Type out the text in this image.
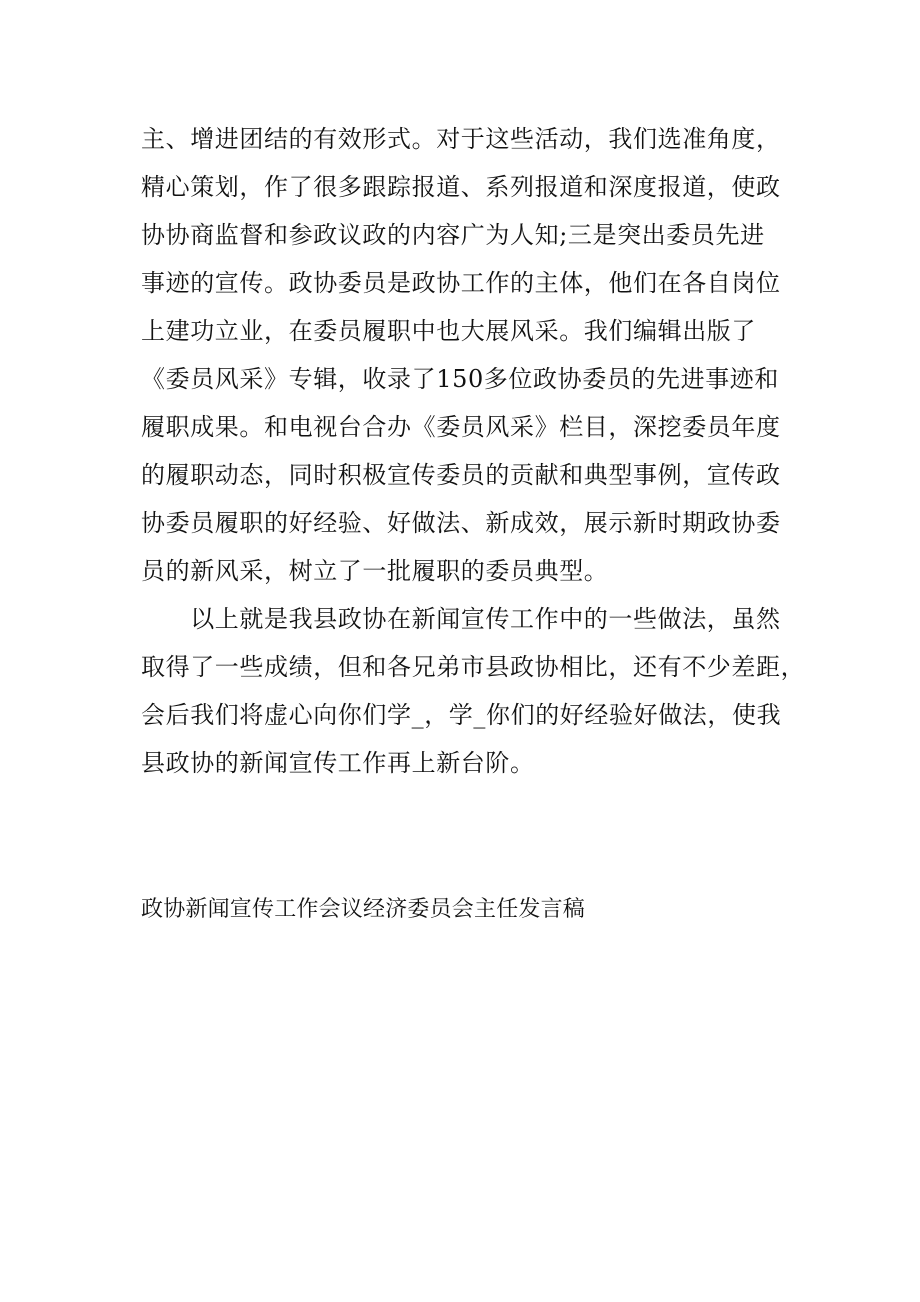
主、增进团结的有效形式。对于这些活动，我们选准角度，
精心策划，作了很多跟踪报道、系列报道和深度报道，使政
协协商监督和参政议政的内容广为人知;三是突出委员先进
事迹的宣传。政协委员是政协工作的主体，他们在各自岗位
上建功立业，在委员履职中也大展风采。我们编辑出版了
《委员风采》专辑，收录了150多位政协委员的先进事迹和
履职成果。和电视台合办《委员风采》栏目，深挖委员年度
的履职动态，同时积极宣传委员的贡献和典型事例，宣传政
协委员履职的好经验、好做法、新成效，展示新时期政协委
员的新风采，树立了一批履职的委员典型。
　　以上就是我县政协在新闻宣传工作中的一些做法，虽然
取得了一些成绩，但和各兄弟市县政协相比，还有不少差距，
会后我们将虚心向你们学_，学_你们的好经验好做法，使我
县政协的新闻宣传工作再上新台阶。
政协新闻宣传工作会议经济委员会主任发言稿
